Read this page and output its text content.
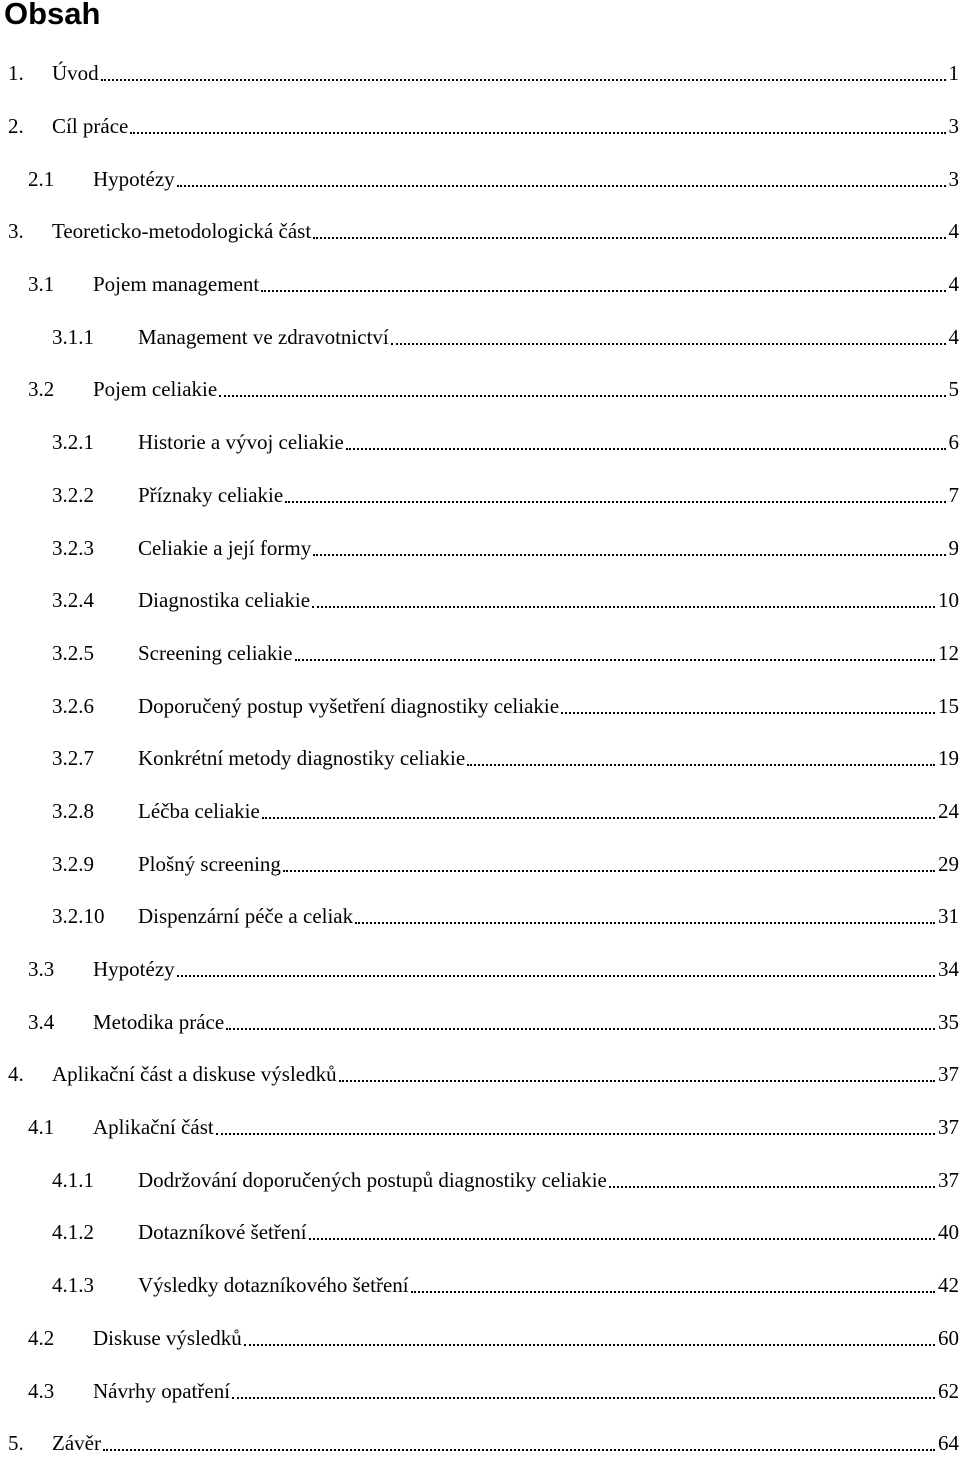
Obsah
1. Úvod	1
2. Cíl práce	3
2.1 Hypotézy	3
3. Teoreticko-metodologická část	4
3.1 Pojem management	4
3.1.1 Management ve zdravotnictví	4
3.2 Pojem celiakie	5
3.2.1 Historie a vývoj celiakie	6
3.2.2 Příznaky celiakie	7
3.2.3 Celiakie a její formy	9
3.2.4 Diagnostika celiakie	10
3.2.5 Screening celiakie	12
3.2.6 Doporučený postup vyšetření diagnostiky celiakie	15
3.2.7 Konkrétní metody diagnostiky celiakie	19
3.2.8 Léčba celiakie	24
3.2.9 Plošný screening	29
3.2.10 Dispenzární péče a celiak	31
3.3 Hypotézy	34
3.4 Metodika práce	35
4. Aplikační část a diskuse výsledků	37
4.1 Aplikační část	37
4.1.1 Dodržování doporučených postupů diagnostiky celiakie	37
4.1.2 Dotazníkové šetření	40
4.1.3 Výsledky dotazníkového šetření	42
4.2 Diskuse výsledků	60
4.3 Návrhy opatření	62
5. Závěr	64
